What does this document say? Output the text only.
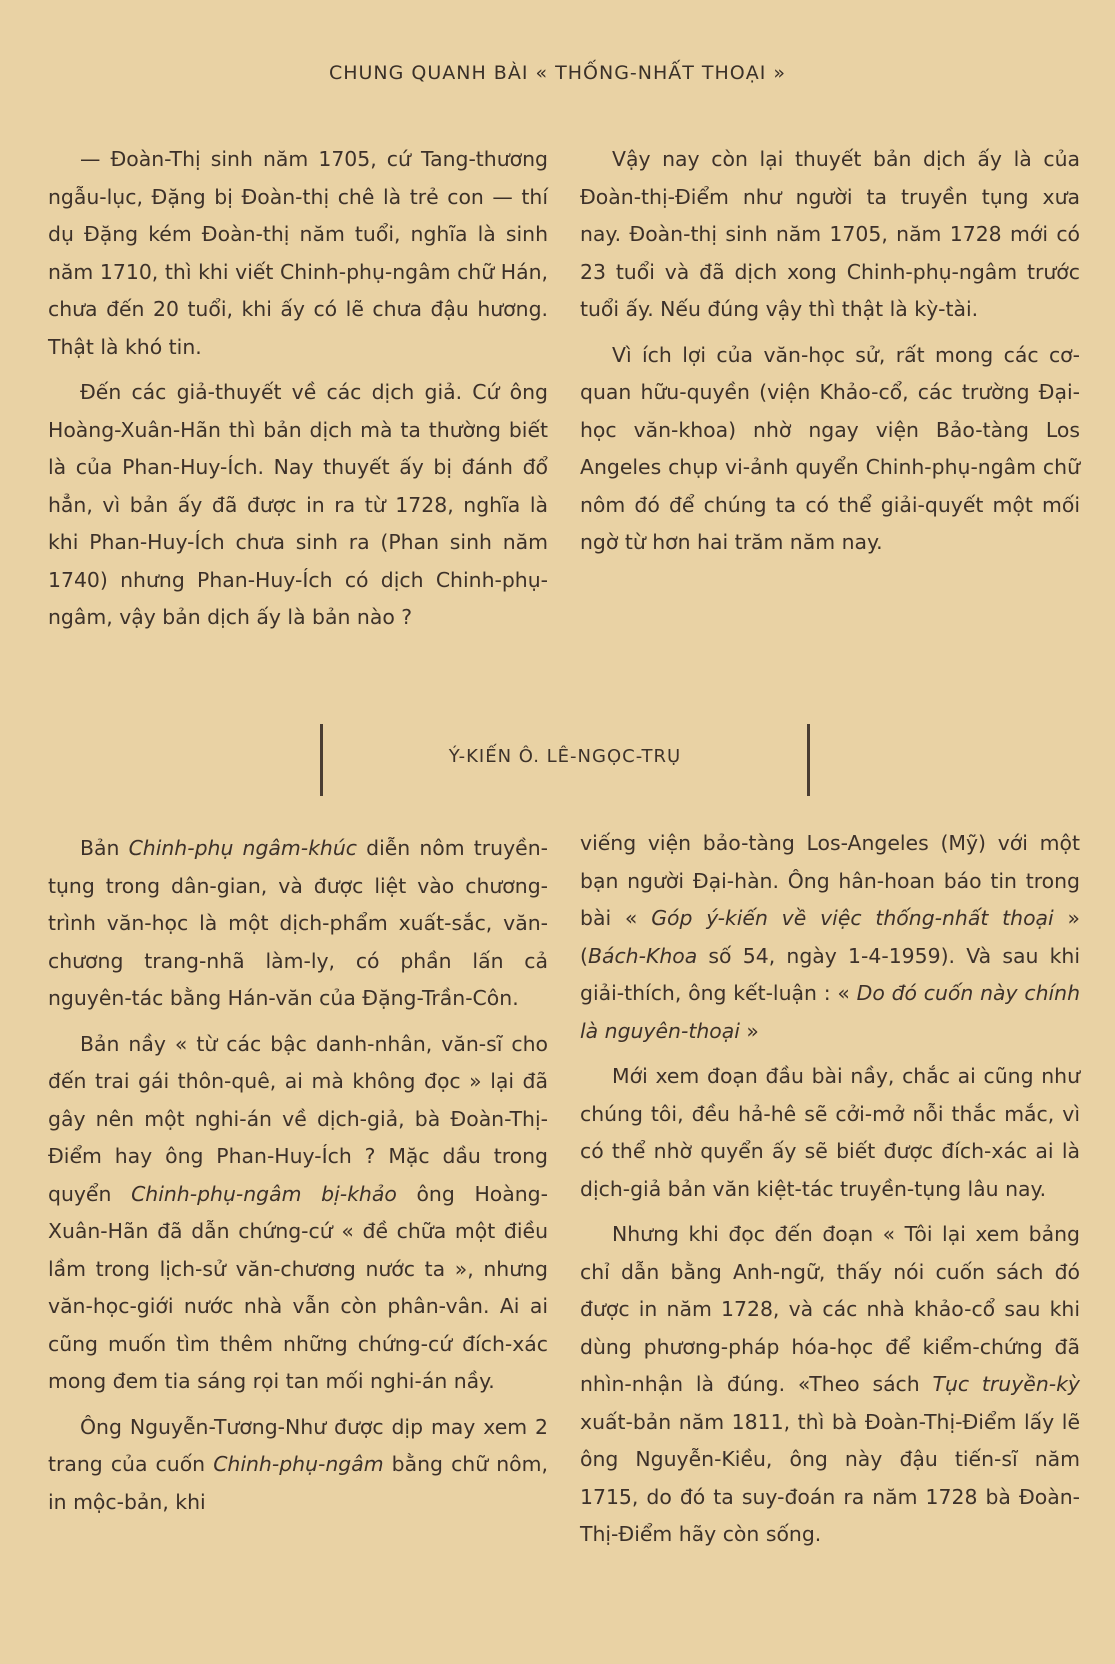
CHUNG QUANH BÀI « THỐNG-NHẤT THOẠI »

— Đoàn-Thị sinh năm 1705, cứ Tang-thương ngẫu-lục, Đặng bị Đoàn-thị chê là trẻ con — thí dụ Đặng kém Đoàn-thị năm tuổi, nghĩa là sinh năm 1710, thì khi viết Chinh-phụ-ngâm chữ Hán, chưa đến 20 tuổi, khi ấy có lẽ chưa đậu hương. Thật là khó tin.

Đến các giả-thuyết về các dịch giả. Cứ ông Hoàng-Xuân-Hãn thì bản dịch mà ta thường biết là của Phan-Huy-Ích. Nay thuyết ấy bị đánh đổ hẳn, vì bản ấy đã được in ra từ 1728, nghĩa là khi Phan-Huy-Ích chưa sinh ra (Phan sinh năm 1740) nhưng Phan-Huy-Ích có dịch Chinh-phụ-ngâm, vậy bản dịch ấy là bản nào ?

Vậy nay còn lại thuyết bản dịch ấy là của Đoàn-thị-Điểm như người ta truyền tụng xưa nay. Đoàn-thị sinh năm 1705, năm 1728 mới có 23 tuổi và đã dịch xong Chinh-phụ-ngâm trước tuổi ấy. Nếu đúng vậy thì thật là kỳ-tài.

Vì ích lợi của văn-học sử, rất mong các cơ-quan hữu-quyền (viện Khảo-cổ, các trường Đại-học văn-khoa) nhờ ngay viện Bảo-tàng Los Angeles chụp vi-ảnh quyển Chinh-phụ-ngâm chữ nôm đó để chúng ta có thể giải-quyết một mối ngờ từ hơn hai trăm năm nay.

Ý-KIẾN Ô. LÊ-NGỌC-TRỤ

Bản Chinh-phụ ngâm-khúc diễn nôm truyền-tụng trong dân-gian, và được liệt vào chương-trình văn-học là một dịch-phẩm xuất-sắc, văn-chương trang-nhã làm-ly, có phần lấn cả nguyên-tác bằng Hán-văn của Đặng-Trần-Côn.

Bản nầy « từ các bậc danh-nhân, văn-sĩ cho đến trai gái thôn-quê, ai mà không đọc » lại đã gây nên một nghi-án về dịch-giả, bà Đoàn-Thị-Điểm hay ông Phan-Huy-Ích ? Mặc dầu trong quyển Chinh-phụ-ngâm bị-khảo ông Hoàng-Xuân-Hãn đã dẫn chứng-cứ « đề chữa một điều lầm trong lịch-sử văn-chương nước ta », nhưng văn-học-giới nước nhà vẫn còn phân-vân. Ai ai cũng muốn tìm thêm những chứng-cứ đích-xác mong đem tia sáng rọi tan mối nghi-án nầy.

Ông Nguyễn-Tương-Như được dịp may xem 2 trang của cuốn Chinh-phụ-ngâm bằng chữ nôm, in mộc-bản, khi

viếng viện bảo-tàng Los-Angeles (Mỹ) với một bạn người Đại-hàn. Ông hân-hoan báo tin trong bài « Góp ý-kiến về việc thống-nhất thoại » (Bách-Khoa số 54, ngày 1-4-1959). Và sau khi giải-thích, ông kết-luận : « Do đó cuốn này chính là nguyên-thoại »

Mới xem đoạn đầu bài nầy, chắc ai cũng như chúng tôi, đều hả-hê sẽ cởi-mở nỗi thắc mắc, vì có thể nhờ quyển ấy sẽ biết được đích-xác ai là dịch-giả bản văn kiệt-tác truyền-tụng lâu nay.

Nhưng khi đọc đến đoạn « Tôi lại xem bảng chỉ dẫn bằng Anh-ngữ, thấy nói cuốn sách đó được in năm 1728, và các nhà khảo-cổ sau khi dùng phương-pháp hóa-học để kiểm-chứng đã nhìn-nhận là đúng. «Theo sách Tục truyền-kỳ xuất-bản năm 1811, thì bà Đoàn-Thị-Điểm lấy lẽ ông Nguyễn-Kiều, ông này đậu tiến-sĩ năm 1715, do đó ta suy-đoán ra năm 1728 bà Đoàn-Thị-Điểm hãy còn sống.
